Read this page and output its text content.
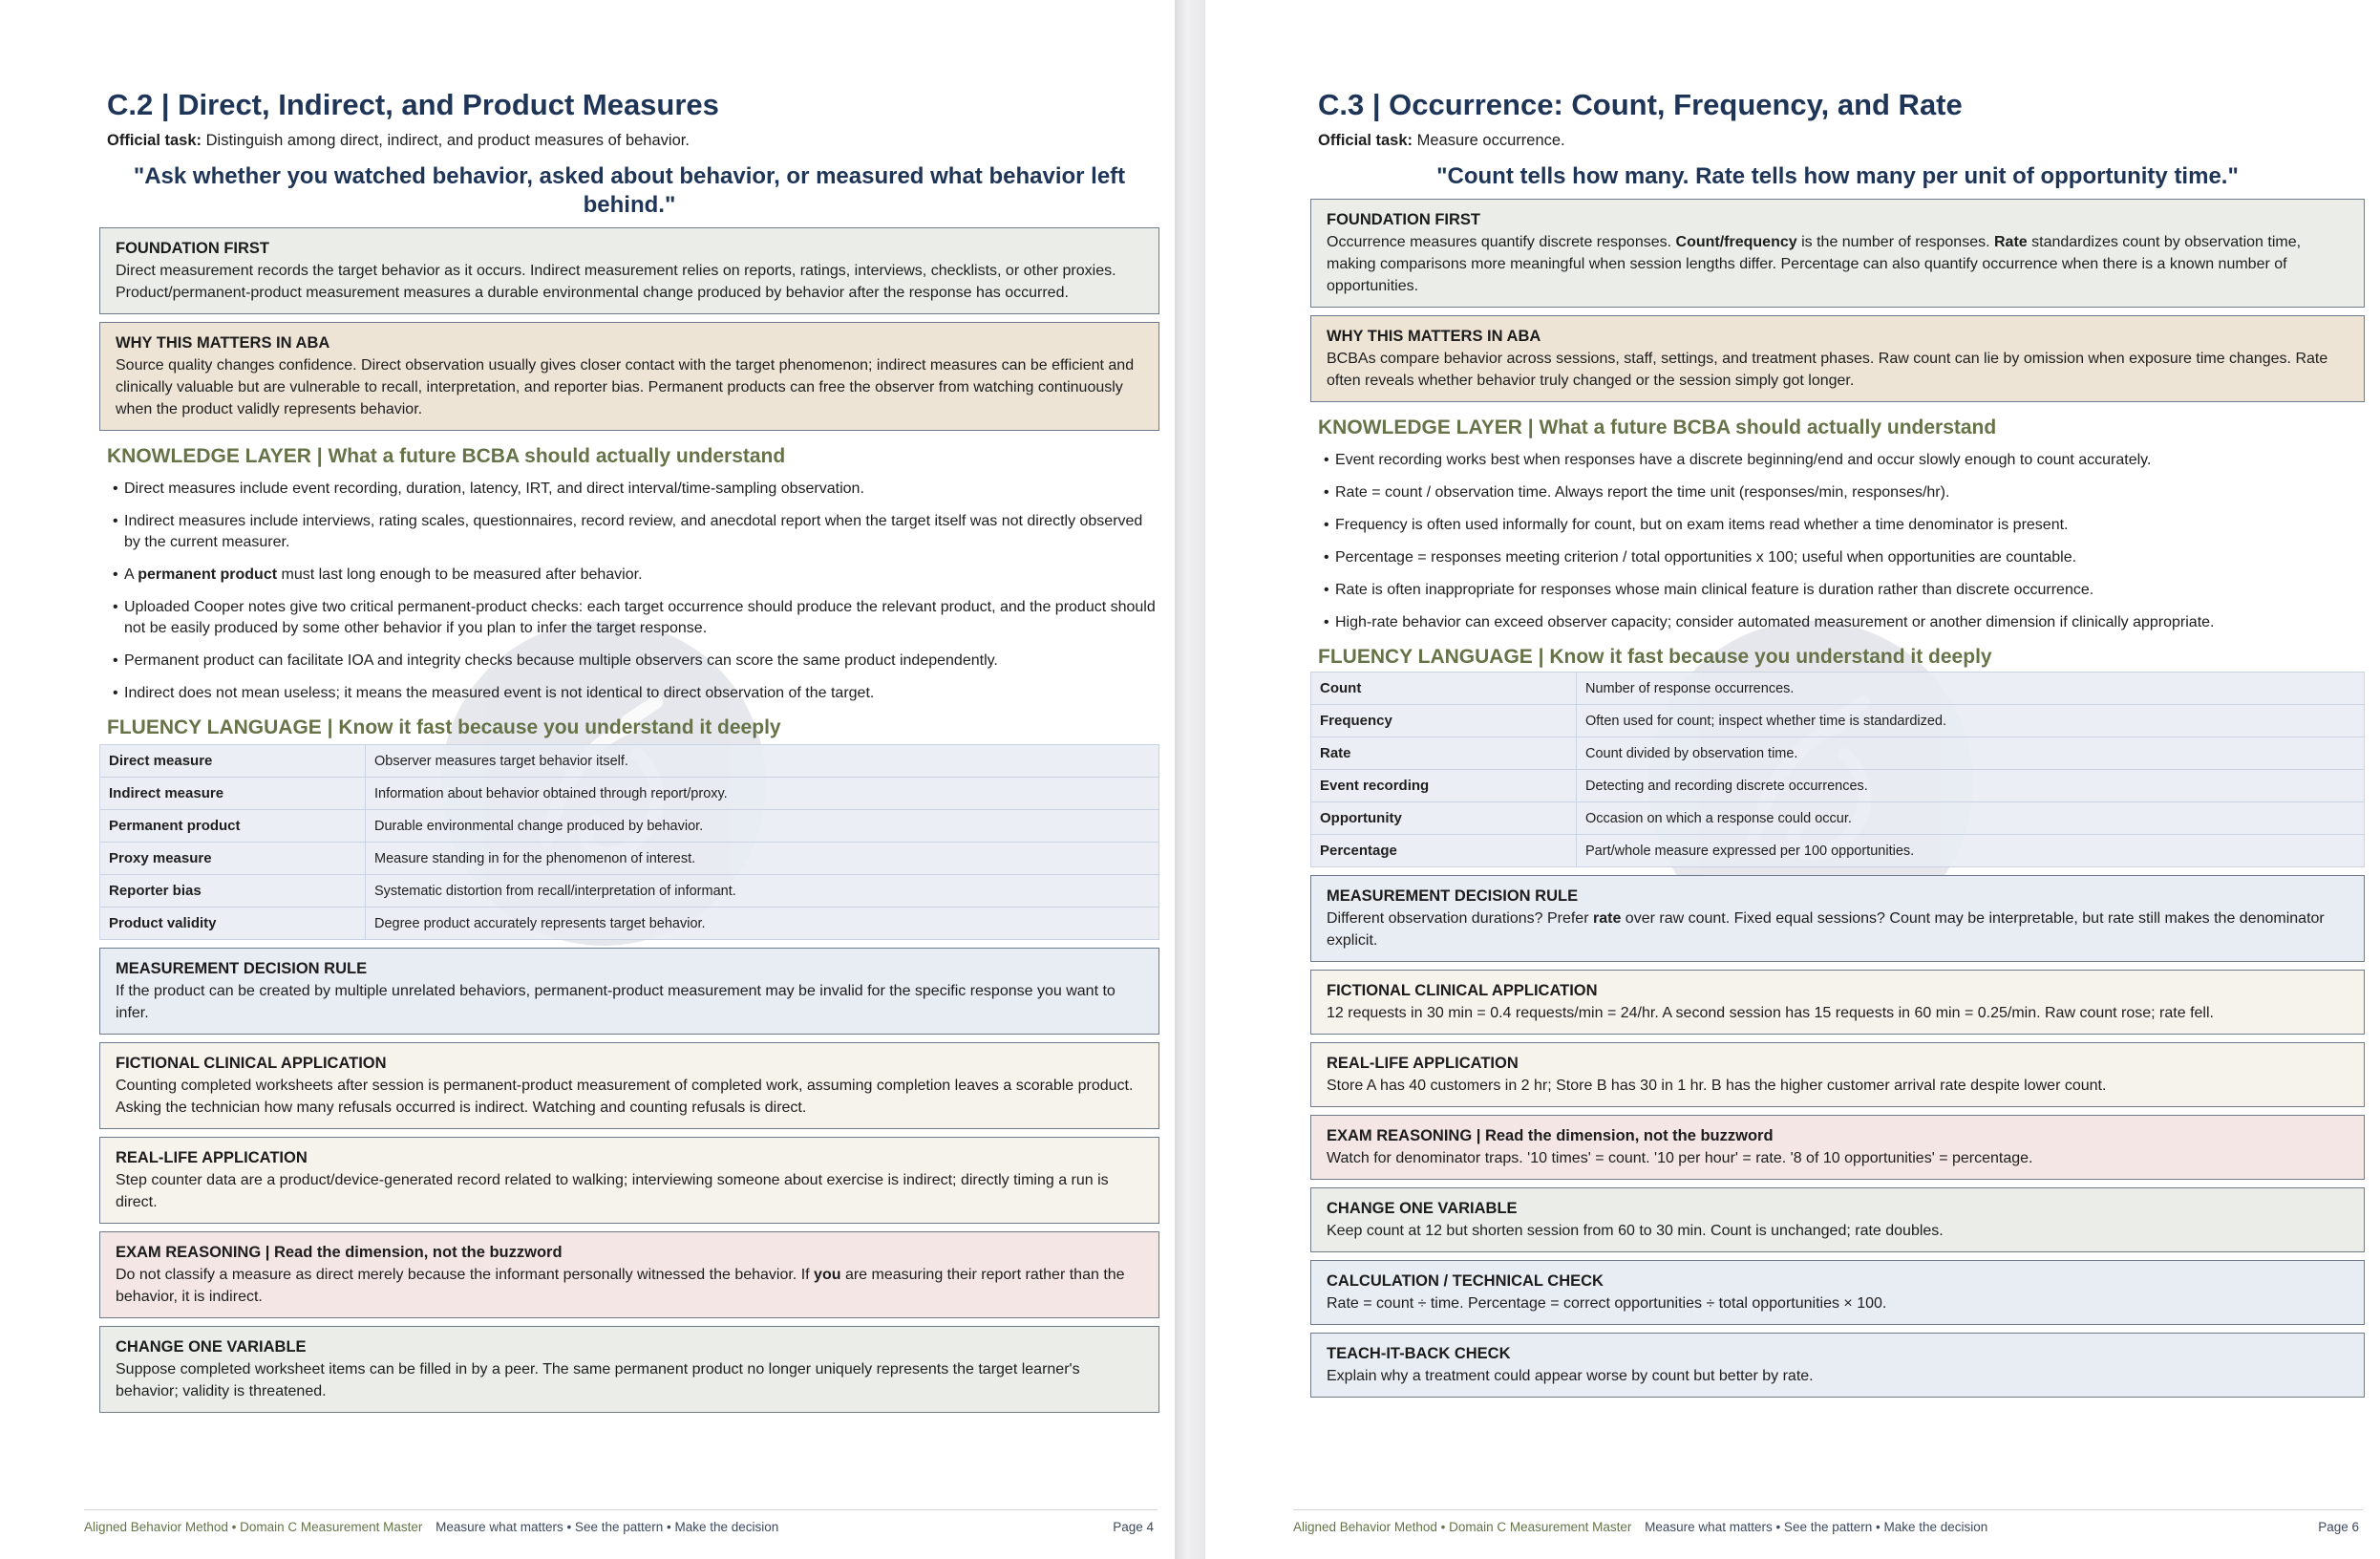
C.2 | Direct, Indirect, and Product Measures

Official task: Distinguish among direct, indirect, and product measures of behavior.

"Ask whether you watched behavior, asked about behavior, or measured what behavior left behind."

FOUNDATION FIRST
Direct measurement records the target behavior as it occurs. Indirect measurement relies on reports, ratings, interviews, checklists, or other proxies. Product/permanent-product measurement measures a durable environmental change produced by behavior after the response has occurred.
WHY THIS MATTERS IN ABA
Source quality changes confidence. Direct observation usually gives closer contact with the target phenomenon; indirect measures can be efficient and clinically valuable but are vulnerable to recall, interpretation, and reporter bias. Permanent products can free the observer from watching continuously when the product validly represents behavior.
KNOWLEDGE LAYER | What a future BCBA should actually understand
• Direct measures include event recording, duration, latency, IRT, and direct interval/time-sampling observation.
• Indirect measures include interviews, rating scales, questionnaires, record review, and anecdotal report when the target itself was not directly observed by the current measurer.
• A permanent product must last long enough to be measured after behavior.
• Uploaded Cooper notes give two critical permanent-product checks: each target occurrence should produce the relevant product, and the product should not be easily produced by some other behavior if you plan to infer the target response.
• Permanent product can facilitate IOA and integrity checks because multiple observers can score the same product independently.
• Indirect does not mean useless; it means the measured event is not identical to direct observation of the target.
FLUENCY LANGUAGE | Know it fast because you understand it deeply
Direct measure	Observer measures target behavior itself.
Indirect measure	Information about behavior obtained through report/proxy.
Permanent product	Durable environmental change produced by behavior.
Proxy measure	Measure standing in for the phenomenon of interest.
Reporter bias	Systematic distortion from recall/interpretation of informant.
Product validity	Degree product accurately represents target behavior.
MEASUREMENT DECISION RULE
If the product can be created by multiple unrelated behaviors, permanent-product measurement may be invalid for the specific response you want to infer.
FICTIONAL CLINICAL APPLICATION
Counting completed worksheets after session is permanent-product measurement of completed work, assuming completion leaves a scorable product. Asking the technician how many refusals occurred is indirect. Watching and counting refusals is direct.
REAL-LIFE APPLICATION
Step counter data are a product/device-generated record related to walking; interviewing someone about exercise is indirect; directly timing a run is direct.
EXAM REASONING | Read the dimension, not the buzzword
Do not classify a measure as direct merely because the informant personally witnessed the behavior. If you are measuring their report rather than the behavior, it is indirect.
CHANGE ONE VARIABLE
Suppose completed worksheet items can be filled in by a peer. The same permanent product no longer uniquely represents the target learner's behavior; validity is threatened.
Aligned Behavior Method • Domain C Measurement Master Measure what matters • See the pattern • Make the decision	Page 4
C.3 | Occurrence: Count, Frequency, and Rate

Official task: Measure occurrence.

"Count tells how many. Rate tells how many per unit of opportunity time."

FOUNDATION FIRST
Occurrence measures quantify discrete responses. Count/frequency is the number of responses. Rate standardizes count by observation time, making comparisons more meaningful when session lengths differ. Percentage can also quantify occurrence when there is a known number of opportunities.
WHY THIS MATTERS IN ABA
BCBAs compare behavior across sessions, staff, settings, and treatment phases. Raw count can lie by omission when exposure time changes. Rate often reveals whether behavior truly changed or the session simply got longer.
KNOWLEDGE LAYER | What a future BCBA should actually understand
• Event recording works best when responses have a discrete beginning/end and occur slowly enough to count accurately.
• Rate = count / observation time. Always report the time unit (responses/min, responses/hr).
• Frequency is often used informally for count, but on exam items read whether a time denominator is present.
• Percentage = responses meeting criterion / total opportunities x 100; useful when opportunities are countable.
• Rate is often inappropriate for responses whose main clinical feature is duration rather than discrete occurrence.
• High-rate behavior can exceed observer capacity; consider automated measurement or another dimension if clinically appropriate.
FLUENCY LANGUAGE | Know it fast because you understand it deeply
Count	Number of response occurrences.
Frequency	Often used for count; inspect whether time is standardized.
Rate	Count divided by observation time.
Event recording	Detecting and recording discrete occurrences.
Opportunity	Occasion on which a response could occur.
Percentage	Part/whole measure expressed per 100 opportunities.
MEASUREMENT DECISION RULE
Different observation durations? Prefer rate over raw count. Fixed equal sessions? Count may be interpretable, but rate still makes the denominator explicit.
FICTIONAL CLINICAL APPLICATION
12 requests in 30 min = 0.4 requests/min = 24/hr. A second session has 15 requests in 60 min = 0.25/min. Raw count rose; rate fell.
REAL-LIFE APPLICATION
Store A has 40 customers in 2 hr; Store B has 30 in 1 hr. B has the higher customer arrival rate despite lower count.
EXAM REASONING | Read the dimension, not the buzzword
Watch for denominator traps. '10 times' = count. '10 per hour' = rate. '8 of 10 opportunities' = percentage.
CHANGE ONE VARIABLE
Keep count at 12 but shorten session from 60 to 30 min. Count is unchanged; rate doubles.
CALCULATION / TECHNICAL CHECK
Rate = count ÷ time. Percentage = correct opportunities ÷ total opportunities × 100.
TEACH-IT-BACK CHECK
Explain why a treatment could appear worse by count but better by rate.
Aligned Behavior Method • Domain C Measurement Master Measure what matters • See the pattern • Make the decision	Page 6
